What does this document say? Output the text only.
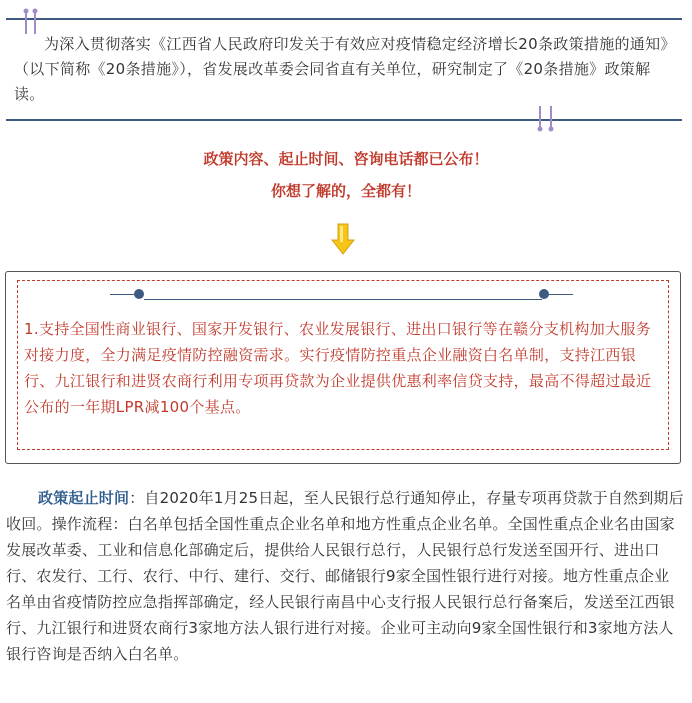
为深入贯彻落实《江西省人民政府印发关于有效应对疫情稳定经济增长20条政策措施的通知》（以下简称《20条措施》），省发展改革委会同省直有关单位，研究制定了《20条措施》政策解读。
政策内容、起止时间、咨询电话都已公布！
你想了解的，全都有！
1.支持全国性商业银行、国家开发银行、农业发展银行、进出口银行等在赣分支机构加大服务对接力度，全力满足疫情防控融资需求。实行疫情防控重点企业融资白名单制，支持江西银行、九江银行和进贤农商行利用专项再贷款为企业提供优惠利率信贷支持，最高不得超过最近公布的一年期LPR减100个基点。
政策起止时间：自2020年1月25日起，至人民银行总行通知停止，存量专项再贷款于自然到期后收回。操作流程：白名单包括全国性重点企业名单和地方性重点企业名单。全国性重点企业名由国家发展改革委、工业和信息化部确定后，提供给人民银行总行，人民银行总行发送至国开行、进出口行、农发行、工行、农行、中行、建行、交行、邮储银行9家全国性银行进行对接。地方性重点企业名单由省疫情防控应急指挥部确定，经人民银行南昌中心支行报人民银行总行备案后，发送至江西银行、九江银行和进贤农商行3家地方法人银行进行对接。企业可主动向9家全国性银行和3家地方法人银行咨询是否纳入白名单。
